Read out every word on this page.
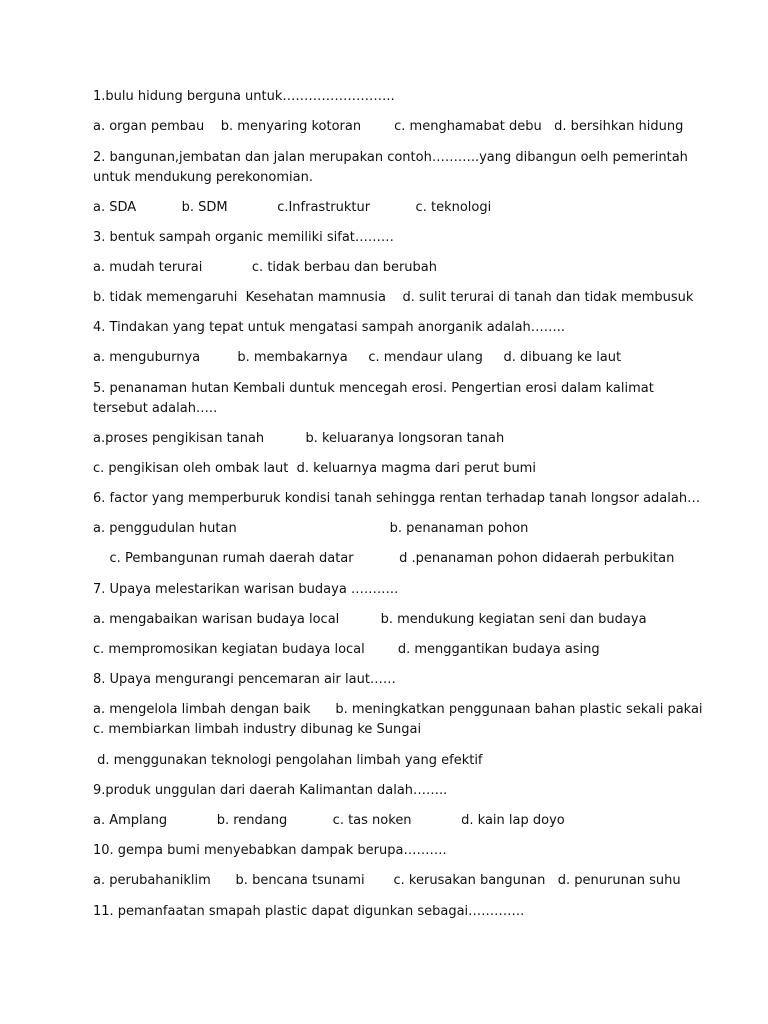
1.bulu hidung berguna untuk……………………..
a. organ pembau    b. menyaring kotoran        c. menghamabat debu   d. bersihkan hidung
2. bangunan,jembatan dan jalan merupakan contoh………..yang dibangun oelh pemerintah
untuk mendukung perekonomian.
a. SDA           b. SDM            c.Infrastruktur           c. teknologi
3. bentuk sampah organic memiliki sifat………
a. mudah terurai            c. tidak berbau dan berubah
b. tidak memengaruhi  Kesehatan mamnusia    d. sulit terurai di tanah dan tidak membusuk
4. Tindakan yang tepat untuk mengatasi sampah anorganik adalah……..
a. menguburnya         b. membakarnya     c. mendaur ulang     d. dibuang ke laut
5. penanaman hutan Kembali duntuk mencegah erosi. Pengertian erosi dalam kalimat
tersebut adalah…..
a.proses pengikisan tanah          b. keluaranya longsoran tanah
c. pengikisan oleh ombak laut  d. keluarnya magma dari perut bumi
6. factor yang memperburuk kondisi tanah sehingga rentan terhadap tanah longsor adalah…
a. penggudulan hutan                                     b. penanaman pohon
c. Pembangunan rumah daerah datar           d .penanaman pohon didaerah perbukitan
7. Upaya melestarikan warisan budaya ………..
a. mengabaikan warisan budaya local          b. mendukung kegiatan seni dan budaya
c. mempromosikan kegiatan budaya local        d. menggantikan budaya asing
8. Upaya mengurangi pencemaran air laut……
a. mengelola limbah dengan baik      b. meningkatkan penggunaan bahan plastic sekali pakai
c. membiarkan limbah industry dibunag ke Sungai
d. menggunakan teknologi pengolahan limbah yang efektif
9.produk unggulan dari daerah Kalimantan dalah……..
a. Amplang            b. rendang           c. tas noken            d. kain lap doyo
10. gempa bumi menyebabkan dampak berupa……….
a. perubahaniklim      b. bencana tsunami       c. kerusakan bangunan   d. penurunan suhu
11. pemanfaatan smapah plastic dapat digunkan sebagai………….
